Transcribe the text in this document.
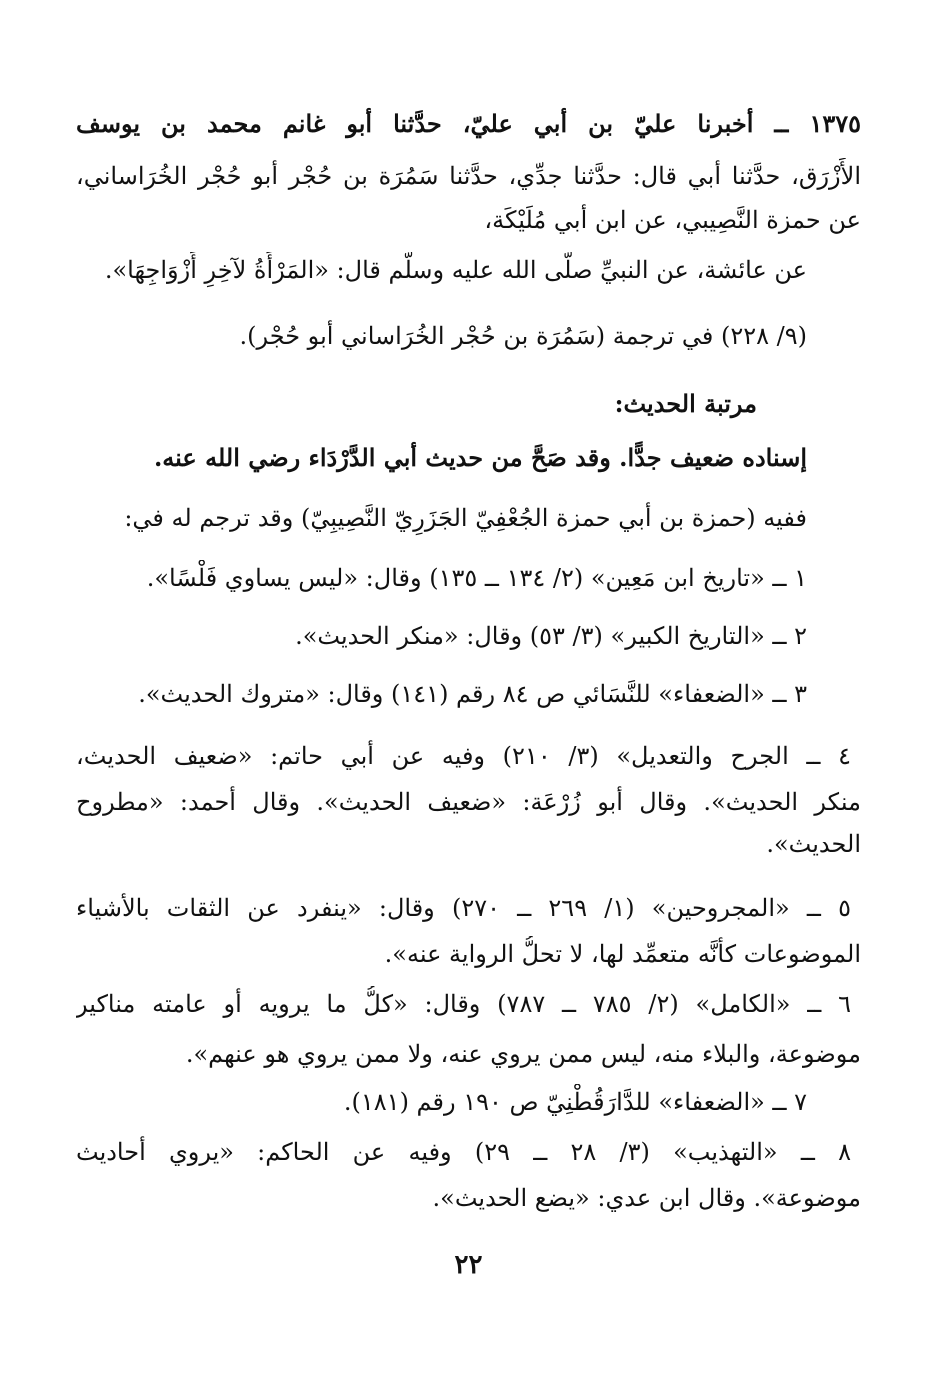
١٣٧٥ ــ أخبرنا عليّ بن أبي عليّ، حدَّثنا أبو غانم محمد بن يوسف
الأَزْرَق، حدَّثنا أبي قال: حدَّثنا جدِّي، حدَّثنا سَمُرَة بن حُجْر أبو حُجْر الخُرَاساني،
عن حمزة النَّصِيبي، عن ابن أبي مُلَيْكَة،
عن عائشة، عن النبيِّ صلَّى الله عليه وسلَّم قال: «المَرْأَةُ لآخِرِ أَزْوَاجِهَا».
(٩/ ٢٢٨) في ترجمة (سَمُرَة بن حُجْر الخُرَاساني أبو حُجْر).
مرتبة الحديث:
إسناده ضعيف جدًّا. وقد صَحَّ من حديث أبي الدَّرْدَاء رضي الله عنه.
ففيه (حمزة بن أبي حمزة الجُعْفِيّ الجَزَرِيّ النَّصِيبِيّ) وقد ترجم له في:
١ ــ «تاريخ ابن مَعِين» (٢/ ١٣٤ ــ ١٣٥) وقال: «ليس يساوي فَلْسًا».
٢ ــ «التاريخ الكبير» (٣/ ٥٣) وقال: «منكر الحديث».
٣ ــ «الضعفاء» للنَّسَائي ص ٨٤ رقم (١٤١) وقال: «متروك الحديث».
٤ ــ الجرح والتعديل» (٣/ ٢١٠) وفيه عن أبي حاتم: «ضعيف الحديث،
منكر الحديث». وقال أبو زُرْعَة: «ضعيف الحديث». وقال أحمد: «مطروح
الحديث».
٥ ــ «المجروحين» (١/ ٢٦٩ ــ ٢٧٠) وقال: «ينفرد عن الثقات بالأشياء
الموضوعات كأنَّه متعمِّد لها، لا تحلُّ الرواية عنه».
٦ ــ «الكامل» (٢/ ٧٨٥ ــ ٧٨٧) وقال: «كلُّ ما يرويه أو عامته مناكير
موضوعة، والبلاء منه، ليس ممن يروي عنه، ولا ممن يروي هو عنهم».
٧ ــ «الضعفاء» للدَّارَقُطْنِيّ ص ١٩٠ رقم (١٨١).
٨ ــ «التهذيب» (٣/ ٢٨ ــ ٢٩) وفيه عن الحاكم: «يروي أحاديث
موضوعة». وقال ابن عدي: «يضع الحديث».
٢٢
